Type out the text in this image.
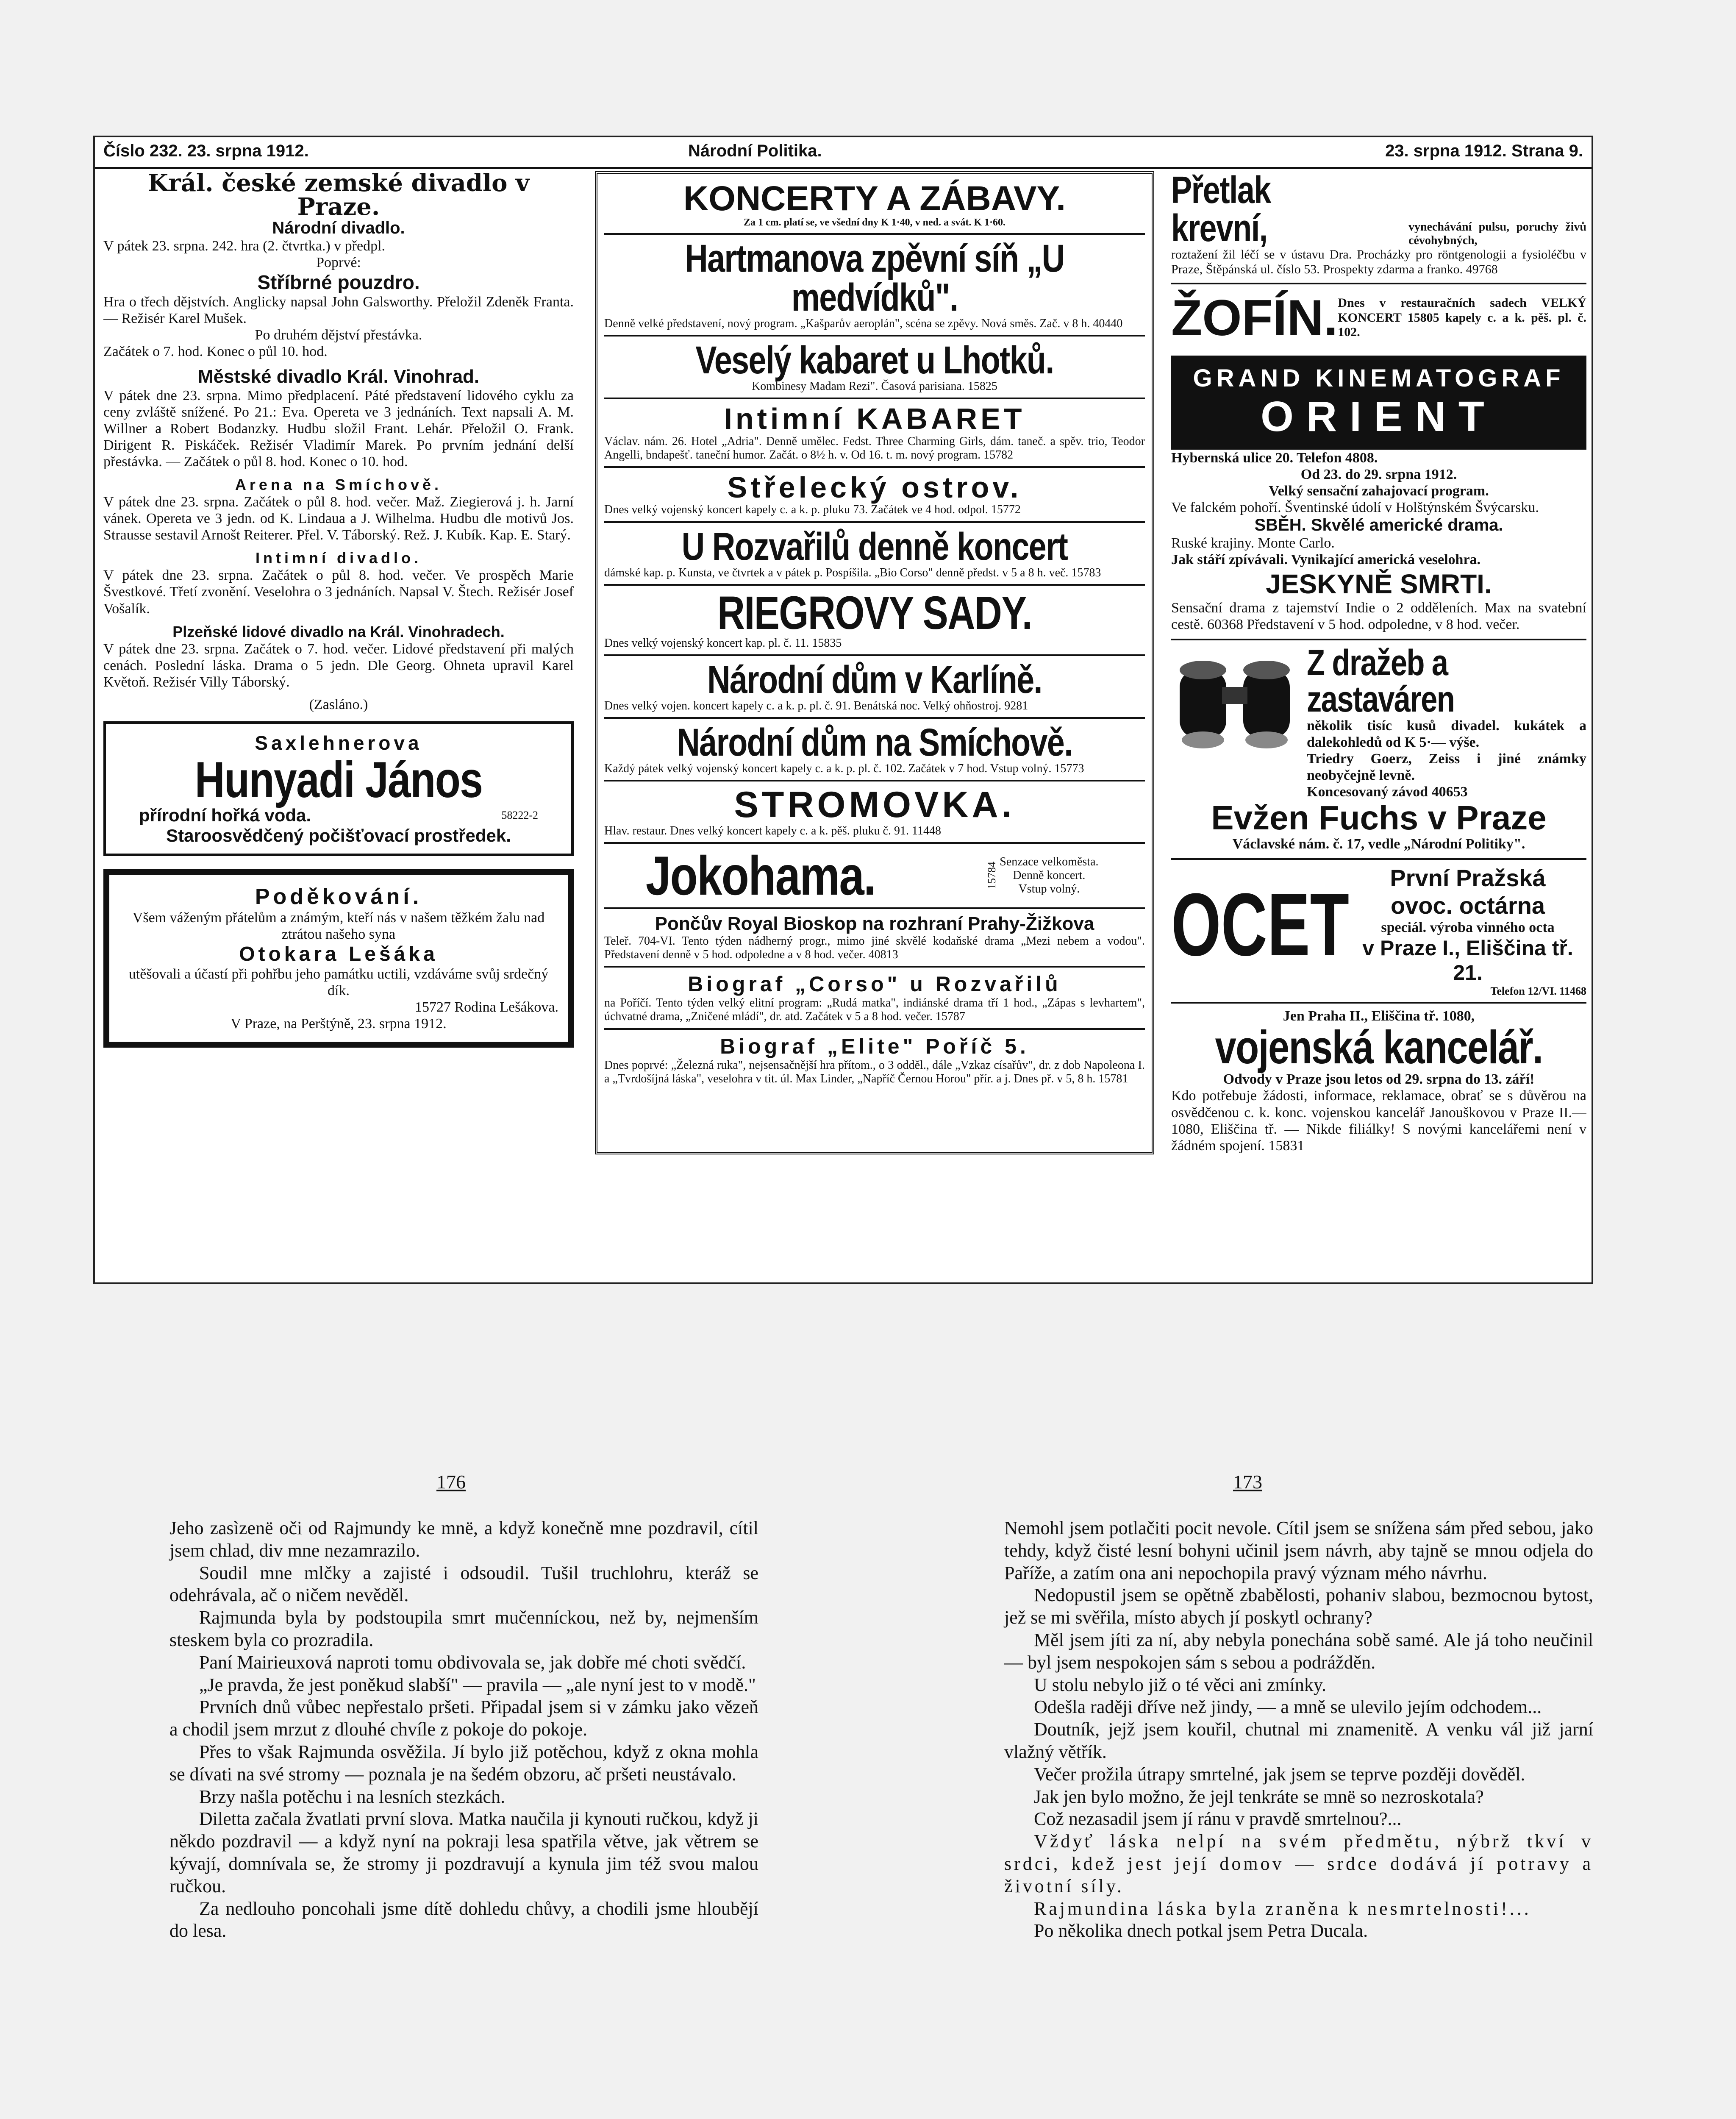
Číslo 232. 23. srpna 1912.	Národní Politika.	23. srpna 1912. Strana 9.
Král. české zemské divadlo v Praze.
Národní divadlo.
V pátek 23. srpna. 242. hra (2. čtvrtka.) v předpl.
Poprvé:
Stříbrné pouzdro.
Hra o třech dějstvích. Anglicky napsal John Galsworthy. Přeložil Zdeněk Franta. — Režisér Karel Mušek.
Po druhém dějství přestávka.
Začátek o 7. hod. Konec o půl 10. hod.
Městské divadlo Král. Vinohrad.
V pátek dne 23. srpna. Mimo předplacení. Páté představení lidového cyklu za ceny zvláště snížené. Po 21.: Eva. Opereta ve 3 jednáních. Text napsali A. M. Willner a Robert Bodanzky. Hudbu složil Frant. Lehár. Přeložil O. Frank. Dirigent R. Piskáček. Režisér Vladimír Marek. Po prvním jednání delší přestávka. — Začátek o půl 8. hod. Konec o 10. hod.
Arena na Smíchově.
V pátek dne 23. srpna. Začátek o půl 8. hod. večer. Maž. Ziegierová j. h. Jarní vánek. Opereta ve 3 jedn. od K. Lindaua a J. Wilhelma. Hudbu dle motivů Jos. Strausse sestavil Arnošt Reiterer. Přel. V. Táborský. Rež. J. Kubík. Kap. E. Starý.
Intimní divadlo.
V pátek dne 23. srpna. Začátek o půl 8. hod. večer. Ve prospěch Marie Švestkové. Třetí zvonění. Veselohra o 3 jednáních. Napsal V. Štech. Režisér Josef Vošalík.
Plzeňské lidové divadlo na Král. Vinohradech.
V pátek dne 23. srpna. Začátek o 7. hod. večer. Lidové představení při malých cenách. Poslední láska. Drama o 5 jedn. Dle Georg. Ohneta upravil Karel Květoň. Režisér Villy Táborský.
(Zasláno.)
Saxlehnerova
Hunyadi János
přírodní hořká voda.	58222-2
Staroosvědčený počišťovací prostředek.
Poděkování.
Všem váženým přátelům a známým, kteří nás v našem těžkém žalu nad ztrátou našeho syna
Otokara Lešáka
utěšovali a účastí při pohřbu jeho památku uctili, vzdáváme svůj srdečný dík.
15727 Rodina Lešákova.
V Praze, na Perštýně, 23. srpna 1912.
KONCERTY A ZÁBAVY.
Za 1 cm. platí se, ve všední dny K 1·40, v ned. a svát. K 1·60.
Hartmanova zpěvní síň „U medvídků".
Denně velké představení, nový program. „Kašparův aeroplán", scéna se zpěvy. Nová směs. Zač. v 8 h. 40440
Veselý kabaret u Lhotků.
Kombinesy Madam Rezi". Časová parisiana. 15825
Intimní KABARET
Václav. nám. 26. Hotel „Adria". Denně umělec. Fedst. Three Charming Girls, dám. taneč. a spěv. trio, Teodor Angelli, bndapešť. taneční humor. Začát. o 8½ h. v. Od 16. t. m. nový program. 15782
Střelecký ostrov.
Dnes velký vojenský koncert kapely c. a k. p. pluku 73. Začátek ve 4 hod. odpol. 15772
U Rozvařilů denně koncert
dámské kap. p. Kunsta, ve čtvrtek a v pátek p. Pospíšila. „Bio Corso" denně předst. v 5 a 8 h. več. 15783
RIEGROVY SADY.
Dnes velký vojenský koncert kap. pl. č. 11. 15835
Národní dům v Karlíně.
Dnes velký vojen. koncert kapely c. a k. p. pl. č. 91. Benátská noc. Velký ohňostroj. 9281
Národní dům na Smíchově.
Každý pátek velký vojenský koncert kapely c. a k. p. pl. č. 102. Začátek v 7 hod. Vstup volný. 15773
STROMOVKA.
Hlav. restaur. Dnes velký koncert kapely c. a k. pěš. pluku č. 91. 11448
Jokohama.	15784
Senzace velkoměsta. Denně koncert. Vstup volný.
Pončův Royal Bioskop na rozhraní Prahy-Žižkova
Teleř. 704-VI. Tento týden nádherný progr., mimo jiné skvělé kodaňské drama „Mezi nebem a vodou". Představení denně v 5 hod. odpoledne a v 8 hod. večer. 40813
Biograf „Corso" u Rozvařilů
na Poříčí. Tento týden velký elitní program: „Rudá matka", indiánské drama tří 1 hod., „Zápas s levhartem", úchvatné drama, „Zničené mládí", dr. atd. Začátek v 5 a 8 hod. večer. 15787
Biograf „Elite" Poříč 5.
Dnes poprvé: „Železná ruka", nejsensačnější hra přítom., o 3 odděl., dále „Vzkaz císařův", dr. z dob Napoleona I. a „Tvrdošíjná láska", veselohra v tit. úl. Max Linder, „Napříč Černou Horou" přír. a j. Dnes př. v 5, 8 h. 15781
Přetlak krevní,	vynechávání pulsu, poruchy živů cévohybných,
roztažení žil léčí se v ústavu Dra. Procházky pro röntgenologii a fysioléčbu v Praze, Štěpánská ul. číslo 53. Prospekty zdarma a franko. 49768
ŽOFÍN. Dnes v restauračních sadech VELKÝ KONCERT 15805 kapely c. a k. pěš. pl. č. 102.
GRAND KINEMATOGRAF
ORIENT
Hybernská ulice 20. Telefon 4808.
Od 23. do 29. srpna 1912.
Velký sensační zahajovací program.
Ve falckém pohoří. Šventinské údolí v Holštýnském Švýcarsku.
SBĚH. Skvělé americké drama.
Ruské krajiny. Monte Carlo.
Jak stáří zpívávali. Vynikající americká veselohra.
JESKYNĚ SMRTI.
Sensační drama z tajemství Indie o 2 odděleních. Max na svatební cestě. 60368 Představení v 5 hod. odpoledne, v 8 hod. večer.
Z dražeb a zastaváren
několik tisíc kusů divadel. kukátek a dalekohledů od K 5·— výše.
Triedry Goerz, Zeiss i jiné známky neobyčejně levně.
Koncesovaný závod 40653
Evžen Fuchs v Praze
Václavské nám. č. 17, vedle „Národní Politiky".
OCET	První Pražská
ovoc. octárna
speciál. výroba vinného octa
v Praze I., Eliščina tř. 21.
Telefon 12/VI. 11468
Jen Praha II., Eliščina tř. 1080,
vojenská kancelář.
Odvody v Praze jsou letos od 29. srpna do 13. září!
Kdo potřebuje žádosti, informace, reklamace, obrať se s důvěrou na osvědčenou c. k. konc. vojenskou kancelář Janouškovou v Praze II.—1080, Eliščina tř. — Nikde filiálky! S novými kancelářemi není v žádném spojení. 15831
176	173

Jeho zasìzenё oči od Rajmundy ke mnё, a když konečně mne pozdravil, cítil jsem chlad, div mne nezamrazilo.

Soudil mne mlčky a zajisté i odsoudil. Tušil truchlohru, kteráž se odehrávala, ač o ničem nevěděl.

Rajmunda byla by podstoupila smrt mučenníckou, než by, nejmenším steskem byla co prozradila.

Paní Mairieuxová naproti tomu obdivovala se, jak dobře mé choti svědčí.

„Je pravda, že jest poněkud slabší" — pravila — „ale nyní jest to v modě."

Prvních dnů vůbec nepřestalo pršeti. Připadal jsem si v zámku jako vězeň a chodil jsem mrzut z dlouhé chvíle z pokoje do pokoje.

Přes to však Rajmunda osvěžila. Jí bylo již potěchou, když z okna mohla se dívati na své stromy — poznala je na šedém obzoru, ač pršeti neustávalo.

Brzy našla potěchu i na lesních stezkách.

Diletta začala žvatlati první slova. Matka naučila ji kynouti ručkou, když ji někdo pozdravil — a když nyní na pokraji lesa spatřila větve, jak větrem se kývají, domnívala se, že stromy ji pozdravují a kynula jim též svou malou ručkou.

Za nedlouho poncohali jsme dítě dohledu chůvy, a chodili jsme hloubějí do lesa.

Nemohl jsem potlačiti pocit nevole. Cítil jsem se sníženа sám před sebou, jako tehdy, když čisté lesní bohyni učinil jsem návrh, aby tajně se mnou odjela do Paříže, a zatím ona ani nepochopila pravý význam mého návrhu.

Nedopustil jsem se opětně zbabělosti, pohaniv slabou, bezmocnou bytost, jež se mi svěřila, místo abych jí poskytl ochrany?

Měl jsem jíti za ní, aby nebyla ponechána sobě samé. Ale já toho neučinil — byl jsem nespokojen sám s sebou a podrážděn.

U stolu nebylo již o té věci ani zmínky.

Odešla raději dříve než jindy, — a mně se ulevilo jejím odchodem...

Doutník, jejž jsem kouřil, chutnal mi znamenitě. A venku vál již jarní vlažný větřík.

Večer prožila útrapy smrtelné, jak jsem se teprve později dověděl.

Jak jen bylo možno, že jejl tenkráte se mnё so nezroskotala?

Což nezasadil jsem jí ránu v pravdě smrtelnou?...

Vždyť láska nelpí na svém předmětu, nýbrž tkví v srdci, kdež jest její domov — srdce dodává jí potravy a životní síly.

Rajmundina láska byla zraněna k nesmrtelnosti!...

Po několika dnech potkal jsem Petra Ducala.
